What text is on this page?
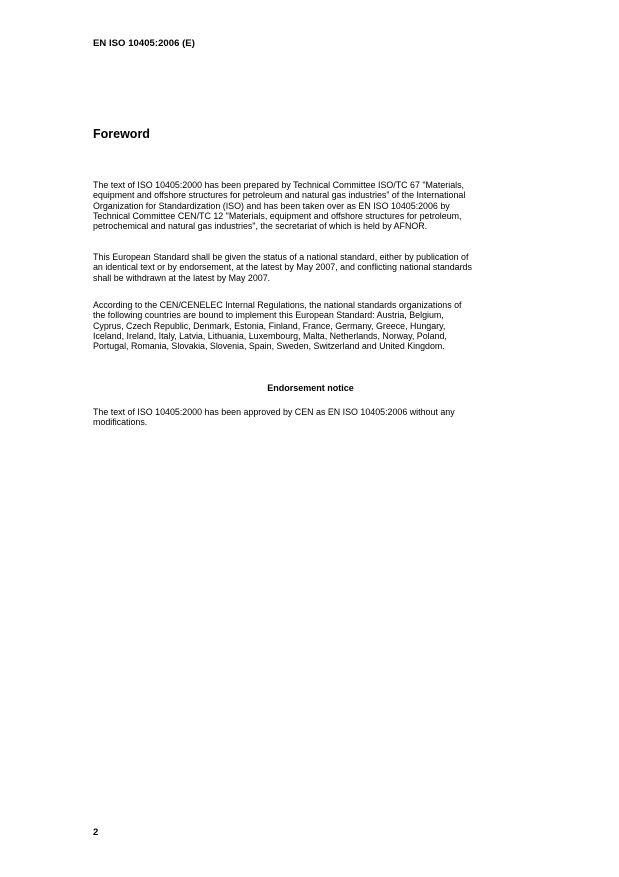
EN ISO 10405:2006 (E)
Foreword

The text of ISO 10405:2000 has been prepared by Technical Committee ISO/TC 67 "Materials,
equipment and offshore structures for petroleum and natural gas industries” of the International
Organization for Standardization (ISO) and has been taken over as EN ISO 10405:2006 by
Technical Committee CEN/TC 12 "Materials, equipment and offshore structures for petroleum,
petrochemical and natural gas industries", the secretariat of which is held by AFNOR.

This European Standard shall be given the status of a national standard, either by publication of
an identical text or by endorsement, at the latest by May 2007, and conflicting national standards
shall be withdrawn at the latest by May 2007.

According to the CEN/CENELEC Internal Regulations, the national standards organizations of
the following countries are bound to implement this European Standard: Austria, Belgium,
Cyprus, Czech Republic, Denmark, Estonia, Finland, France, Germany, Greece, Hungary,
Iceland, Ireland, Italy, Latvia, Lithuania, Luxembourg, Malta, Netherlands, Norway, Poland,
Portugal, Romania, Slovakia, Slovenia, Spain, Sweden, Switzerland and United Kingdom.

Endorsement notice

The text of ISO 10405:2000 has been approved by CEN as EN ISO 10405:2006 without any
modifications.

2
